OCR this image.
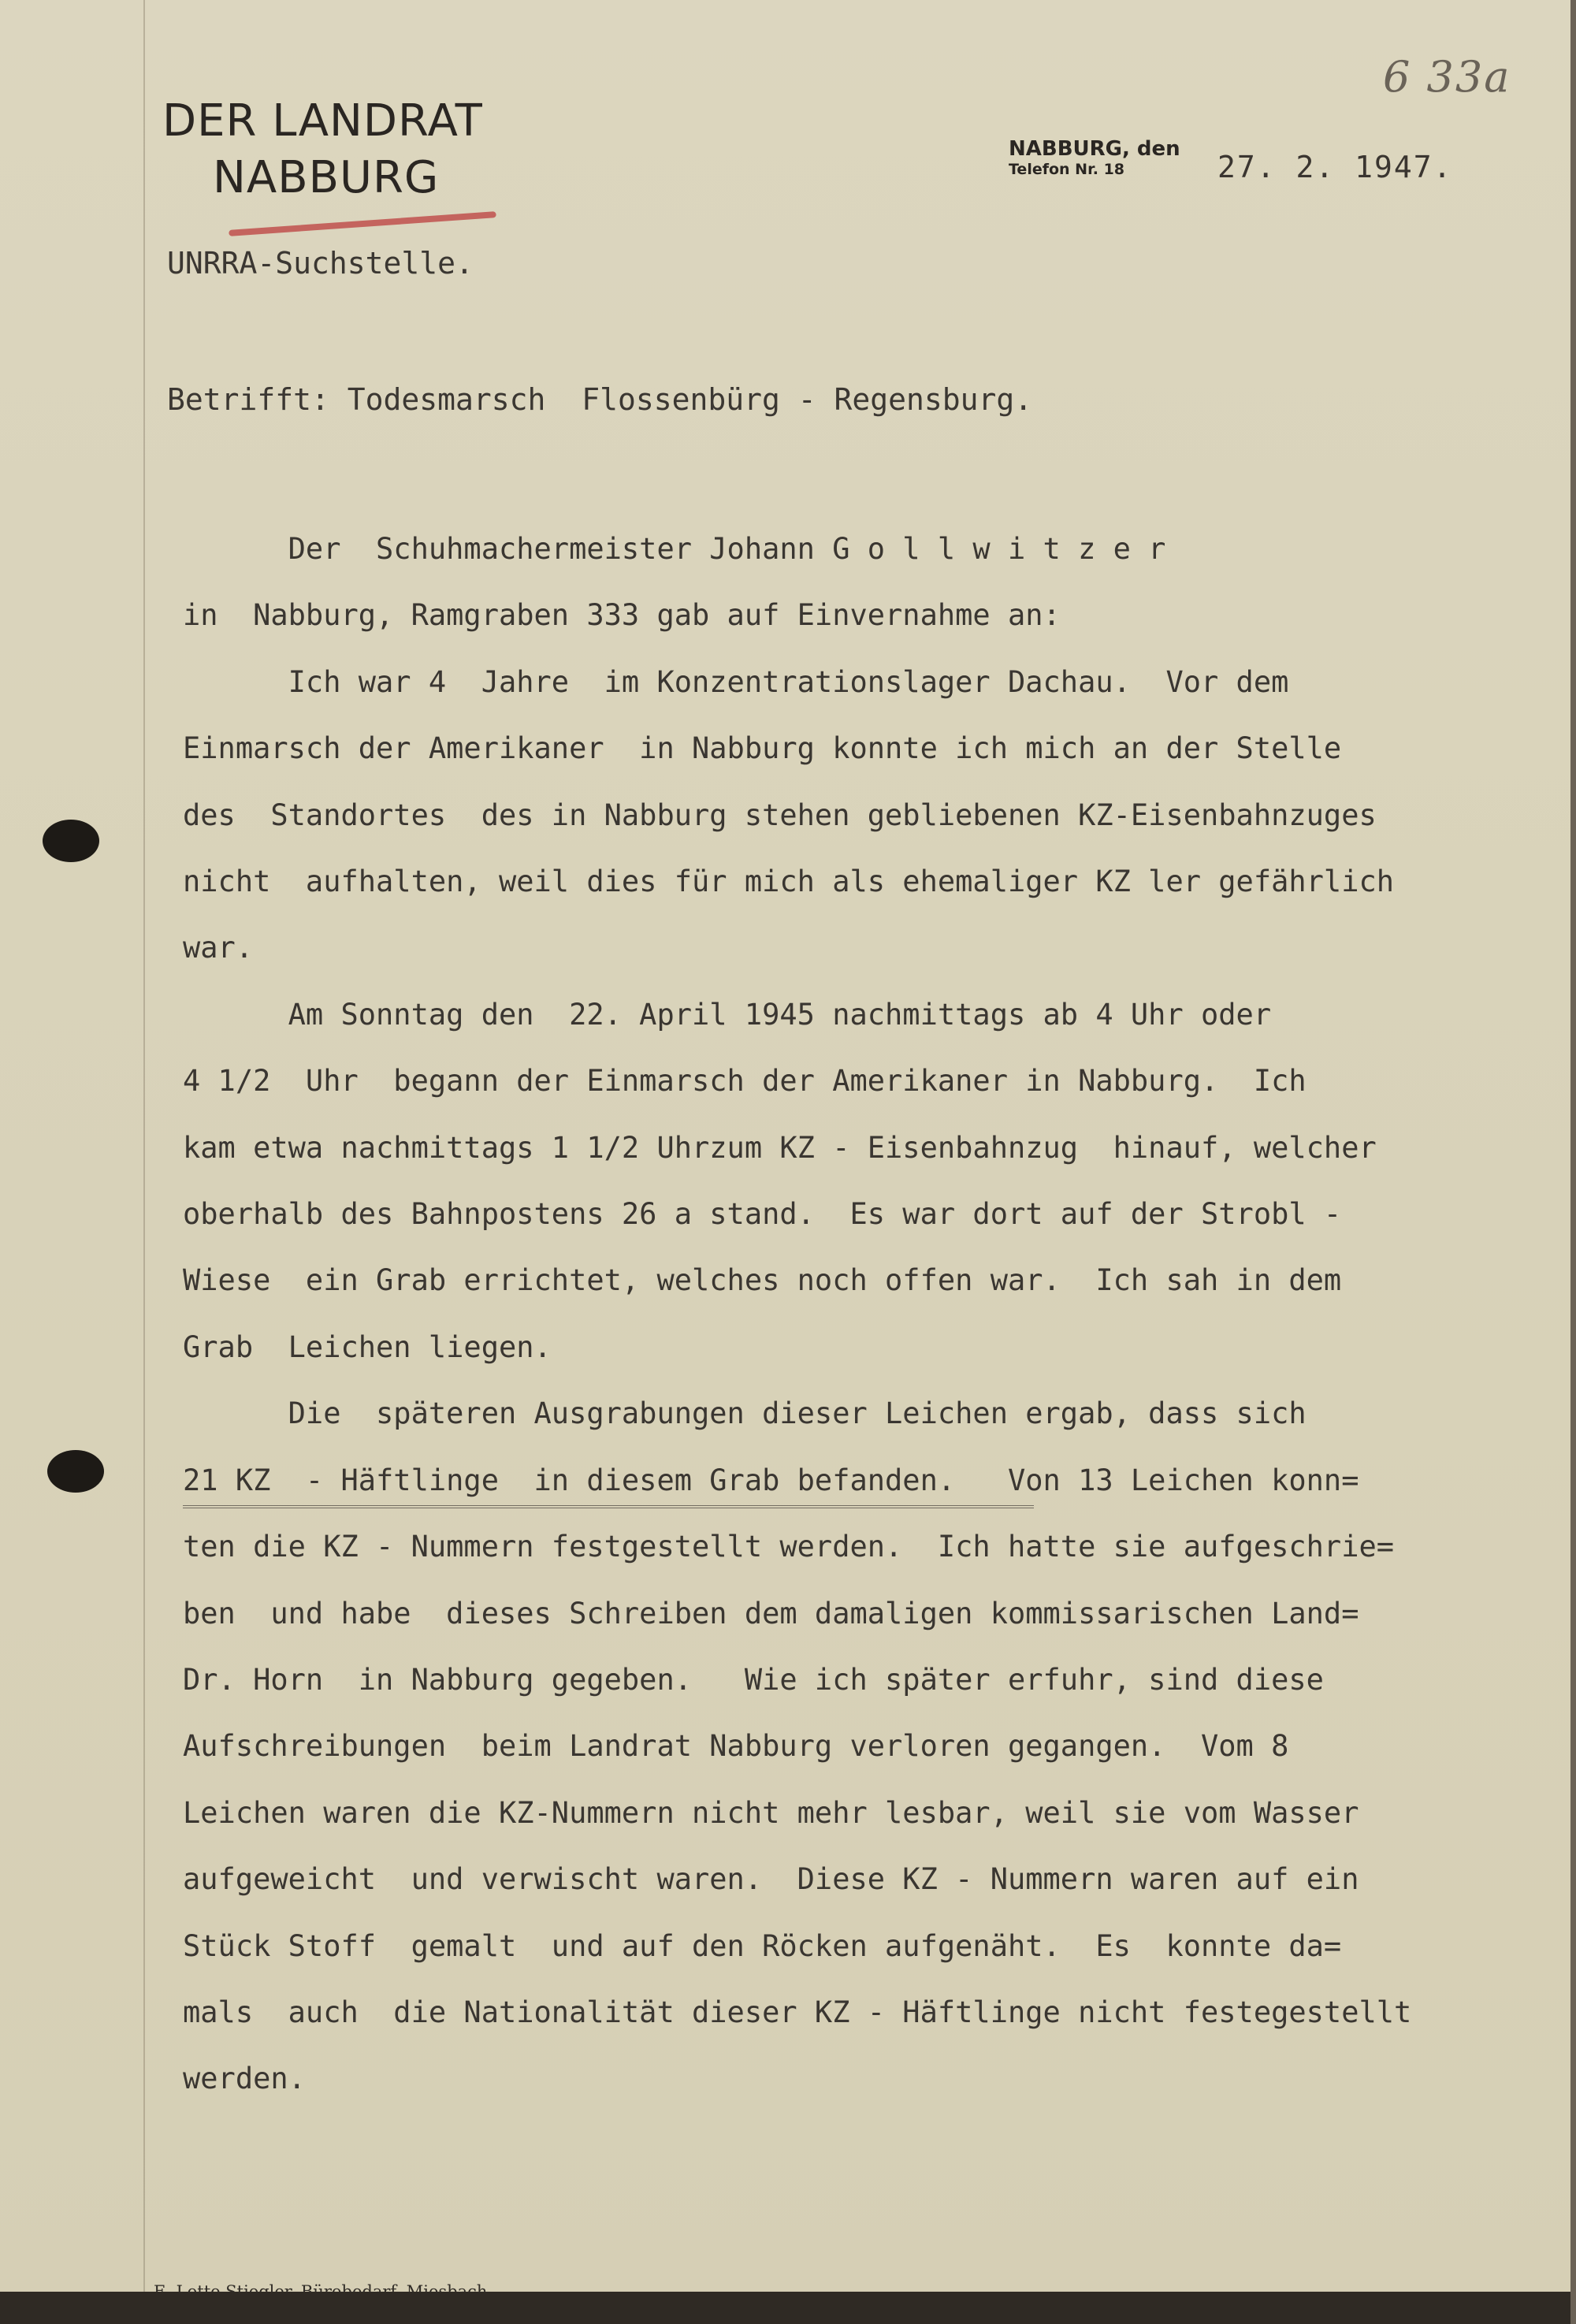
6 33a
DER LANDRAT
NABBURG
NABBURG, den
Telefon Nr. 18	27. 2. 1947.
UNRRA-Suchstelle.
Betrifft: Todesmarsch  Flossenbürg - Regensburg.

Der  Schuhmachermeister Johann G o l l w i t z e r

in  Nabburg, Ramgraben 333 gab auf Einvernahme an:

Ich war 4  Jahre  im Konzentrationslager Dachau.  Vor dem

Einmarsch der Amerikaner  in Nabburg konnte ich mich an der Stelle

des  Standortes  des in Nabburg stehen gebliebenen KZ-Eisenbahnzuges

nicht  aufhalten, weil dies für mich als ehemaliger KZ ler gefährlich

war.

Am Sonntag den  22. April 1945 nachmittags ab 4 Uhr oder

4 1/2  Uhr  begann der Einmarsch der Amerikaner in Nabburg.  Ich

kam etwa nachmittags 1 1/2 Uhrzum KZ - Eisenbahnzug  hinauf, welcher

oberhalb des Bahnpostens 26 a stand.  Es war dort auf der Strobl -

Wiese  ein Grab errichtet, welches noch offen war.  Ich sah in dem

Grab  Leichen liegen.

Die  späteren Ausgrabungen dieser Leichen ergab, dass sich

21 KZ  - Häftlinge  in diesem Grab befanden.   Von 13 Leichen konn=

ten die KZ - Nummern festgestellt werden.  Ich hatte sie aufgeschrie=

ben  und habe  dieses Schreiben dem damaligen kommissarischen Land=

Dr. Horn  in Nabburg gegeben.   Wie ich später erfuhr, sind diese

Aufschreibungen  beim Landrat Nabburg verloren gegangen.  Vom 8

Leichen waren die KZ-Nummern nicht mehr lesbar, weil sie vom Wasser

aufgeweicht  und verwischt waren.  Diese KZ - Nummern waren auf ein

Stück Stoff  gemalt  und auf den Röcken aufgenäht.  Es  konnte da=

mals  auch  die Nationalität dieser KZ - Häftlinge nicht festegestellt

werden.
